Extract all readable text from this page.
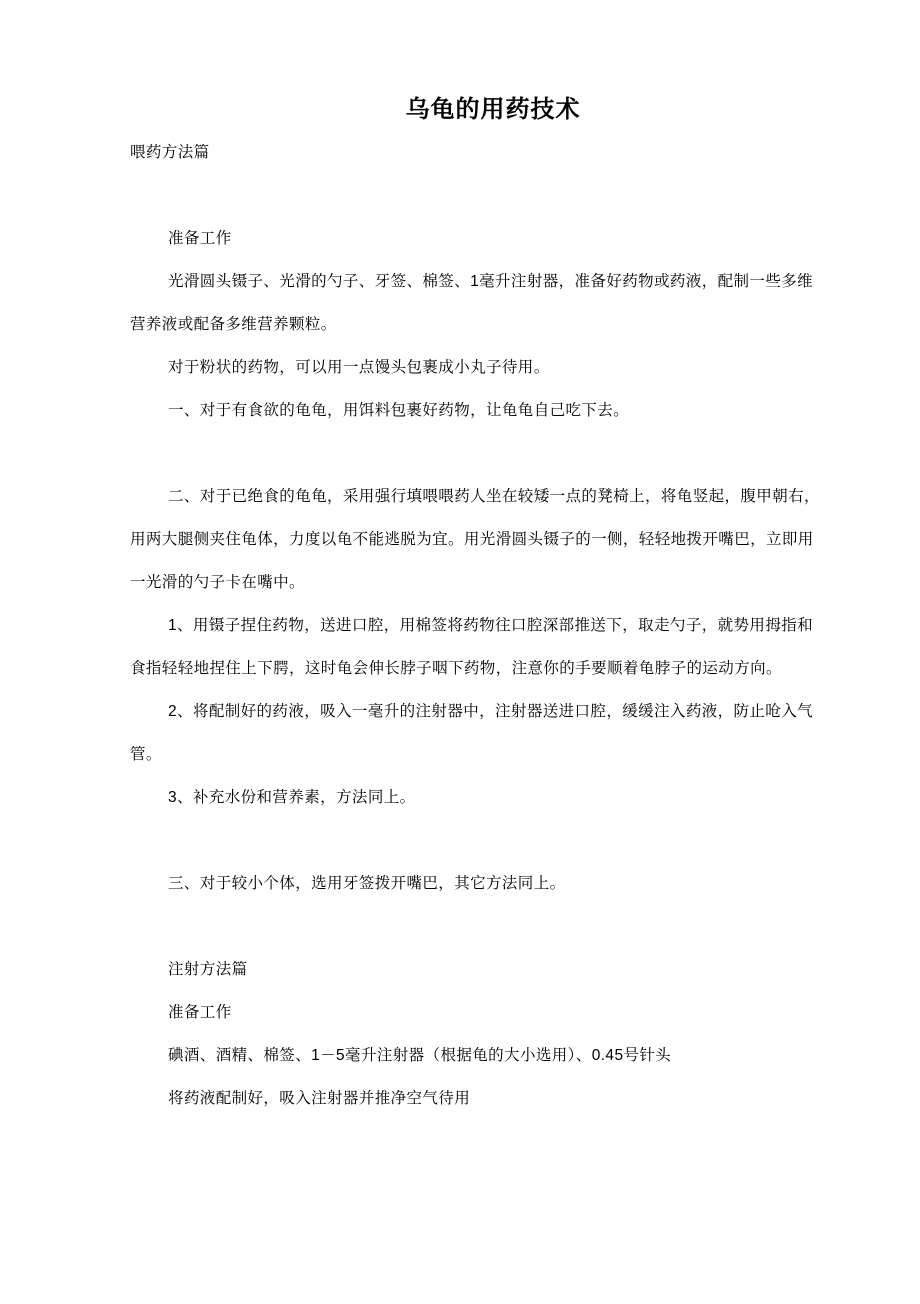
乌龟的用药技术
喂药方法篇
准备工作
光滑圆头镊子、光滑的勺子、牙签、棉签、1毫升注射器，准备好药物或药液，配制一些多维
营养液或配备多维营养颗粒。
对于粉状的药物，可以用一点馒头包裹成小丸子待用。
一、对于有食欲的龟龟，用饵料包裹好药物，让龟龟自己吃下去。
二、对于已绝食的龟龟，采用强行填喂喂药人坐在较矮一点的凳椅上，将龟竖起，腹甲朝右，
用两大腿侧夹住龟体，力度以龟不能逃脱为宜。用光滑圆头镊子的一侧，轻轻地拨开嘴巴，立即用
一光滑的勺子卡在嘴中。
1、用镊子捏住药物，送进口腔，用棉签将药物往口腔深部推送下，取走勺子，就势用拇指和
食指轻轻地捏住上下腭，这时龟会伸长脖子咽下药物，注意你的手要顺着龟脖子的运动方向。
2、将配制好的药液，吸入一毫升的注射器中，注射器送进口腔，缓缓注入药液，防止呛入气
管。
3、补充水份和营养素，方法同上。
三、对于较小个体，选用牙签拨开嘴巴，其它方法同上。
注射方法篇
准备工作
碘酒、酒精、棉签、1－5毫升注射器（根据龟的大小选用）、0.45号针头
将药液配制好，吸入注射器并推净空气待用
